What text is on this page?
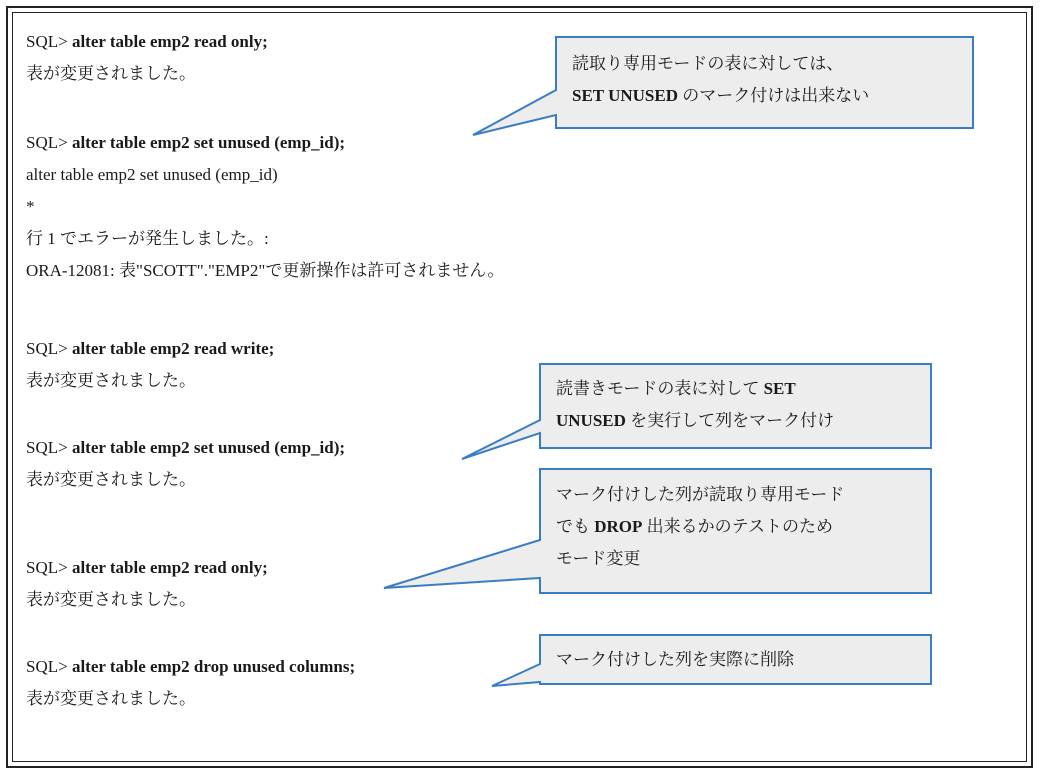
SQL> alter table emp2 read only;
表が変更されました。
SQL> alter table emp2 set unused (emp_id);
alter table emp2 set unused (emp_id)
*
行 1 でエラーが発生しました。:
ORA-12081: 表"SCOTT"."EMP2"で更新操作は許可されません。
SQL> alter table emp2 read write;
表が変更されました。
SQL> alter table emp2 set unused (emp_id);
表が変更されました。
SQL> alter table emp2 read only;
表が変更されました。
SQL> alter table emp2 drop unused columns;
表が変更されました。
読取り専用モードの表に対しては、
SET UNUSED のマーク付けは出来ない
読書きモードの表に対して SET
UNUSED を実行して列をマーク付け
マーク付けした列が読取り専用モード
でも DROP 出来るかのテストのため
モード変更
マーク付けした列を実際に削除
